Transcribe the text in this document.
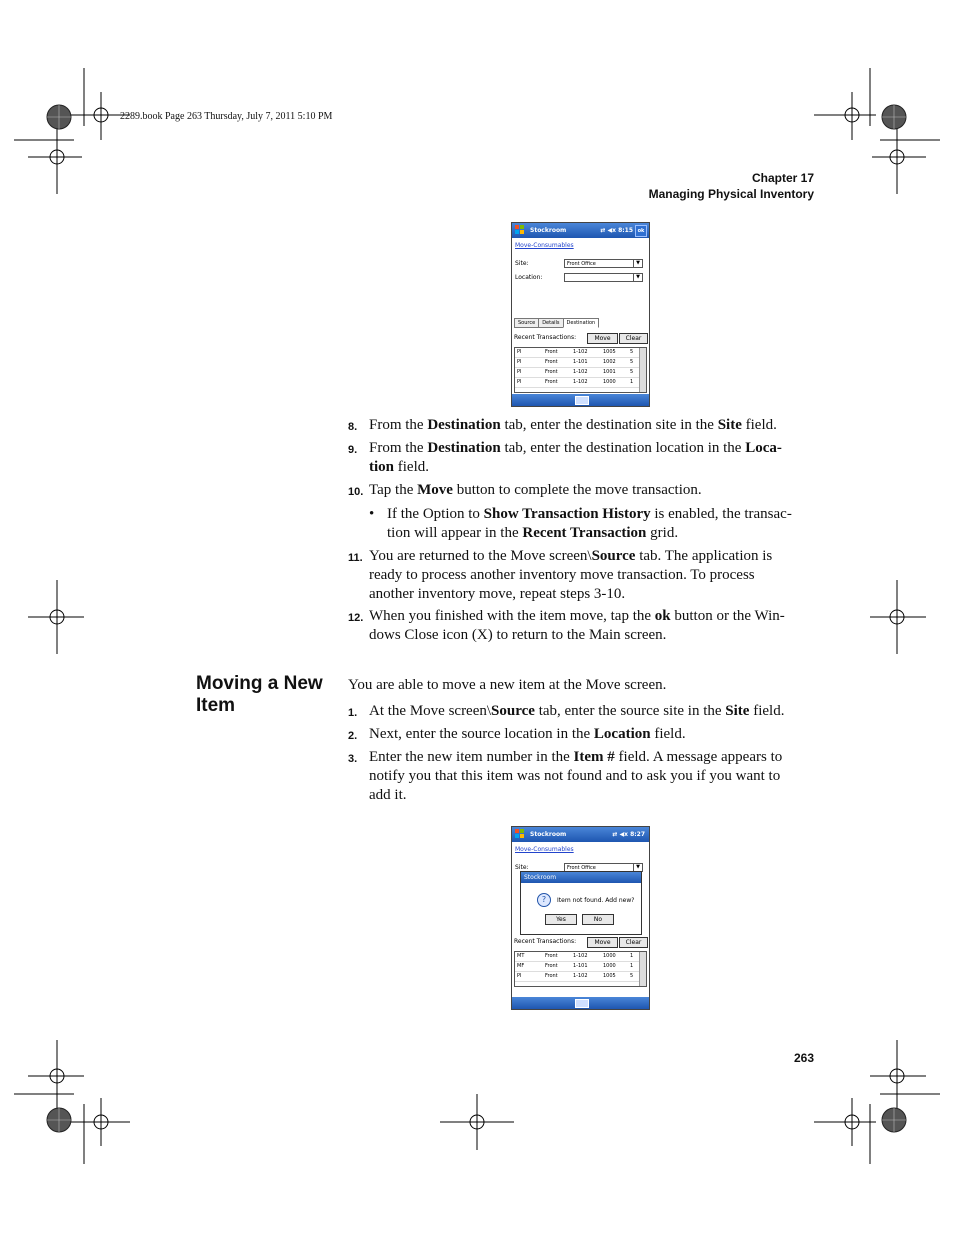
2289.book Page 263 Thursday, July 7, 2011 5:10 PM
Chapter 17
Managing Physical Inventory
Stockroom	⇄ ◀x 8:15 ok
Move-Consumables
Site:	Front Office	▼
Location:	▼
Source Details Destination
Recent Transactions:	Move	Clear
PI	Front	1-102	1005	5
PI	Front	1-101	1002	5
PI	Front	1-102	1001	5
PI	Front	1-102	1000	1
8. From the Destination tab, enter the destination site in the Site field.
9. From the Destination tab, enter the destination location in the Loca-
tion field.
10. Tap the Move button to complete the move transaction.
• If the Option to Show Transaction History is enabled, the transac-
tion will appear in the Recent Transaction grid.
11. You are returned to the Move screen\Source tab. The application is
ready to process another inventory move transaction. To process
another inventory move, repeat steps 3-10.
12. When you finished with the item move, tap the ok button or the Win-
dows Close icon (X) to return to the Main screen.
Moving a New Item
You are able to move a new item at the Move screen.
1. At the Move screen\Source tab, enter the source site in the Site field.
2. Next, enter the source location in the Location field.
3. Enter the new item number in the Item # field. A message appears to
notify you that this item was not found and to ask you if you want to
add it.
Stockroom	⇄ ◀x 8:27
Move-Consumables
Site:	Front Office	▼
Stockroom
?	Item not found. Add new?
Yes	No
Recent Transactions:	Move	Clear
MT	Front	1-102	1000	1
MF	Front	1-101	1000	1
PI	Front	1-102	1005	5
263
